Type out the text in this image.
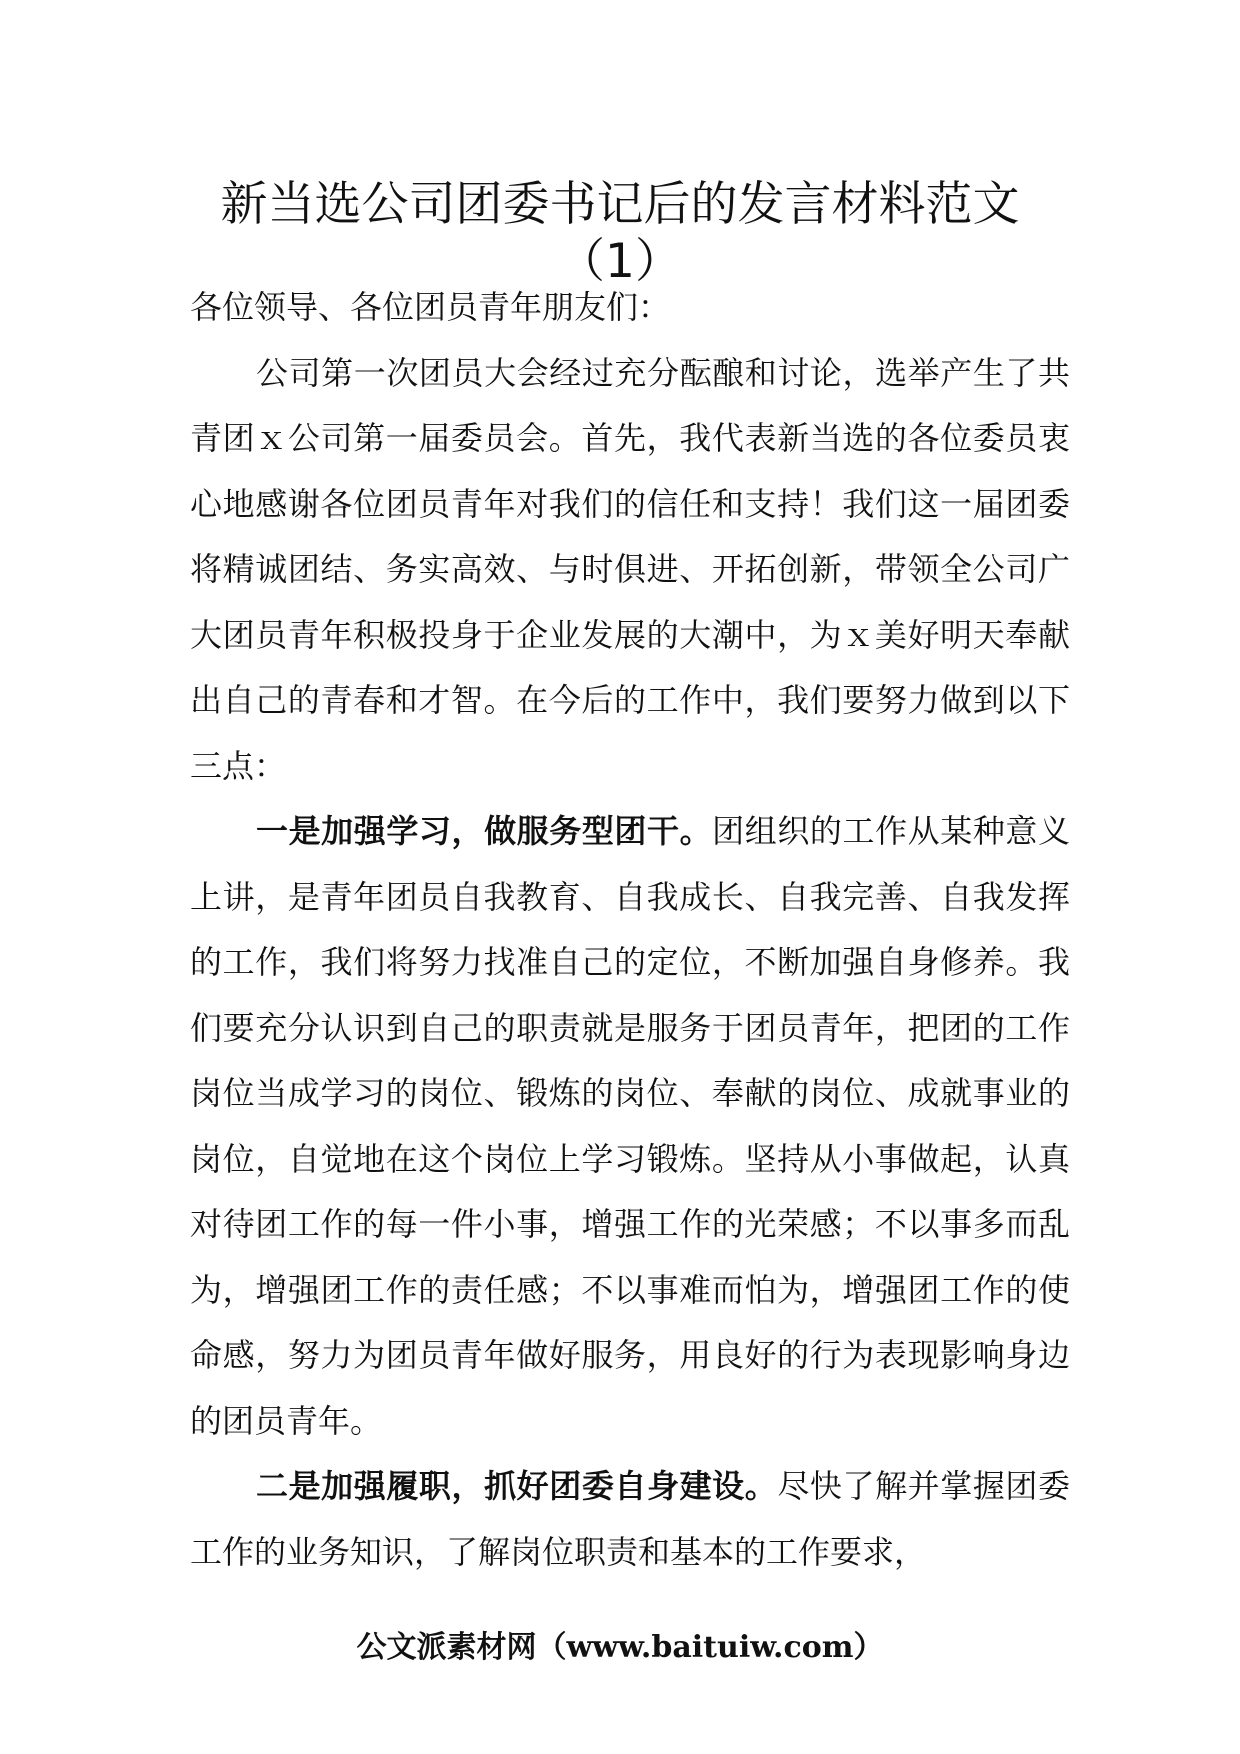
新当选公司团委书记后的发言材料范文
（1）

各位领导、各位团员青年朋友们：

公司第一次团员大会经过充分酝酿和讨论，选举产生了共青团ｘ公司第一届委员会。首先，我代表新当选的各位委员衷心地感谢各位团员青年对我们的信任和支持！我们这一届团委将精诚团结、务实高效、与时俱进、开拓创新，带领全公司广大团员青年积极投身于企业发展的大潮中，为ｘ美好明天奉献出自己的青春和才智。在今后的工作中，我们要努力做到以下三点：

一是加强学习，做服务型团干。团组织的工作从某种意义上讲，是青年团员自我教育、自我成长、自我完善、自我发挥的工作，我们将努力找准自己的定位，不断加强自身修养。我们要充分认识到自己的职责就是服务于团员青年，把团的工作岗位当成学习的岗位、锻炼的岗位、奉献的岗位、成就事业的岗位，自觉地在这个岗位上学习锻炼。坚持从小事做起，认真对待团工作的每一件小事，增强工作的光荣感；不以事多而乱为，增强团工作的责任感；不以事难而怕为，增强团工作的使命感，努力为团员青年做好服务，用良好的行为表现影响身边的团员青年。

二是加强履职，抓好团委自身建设。尽快了解并掌握团委工作的业务知识，了解岗位职责和基本的工作要求，

公文派素材网（www.baituiw.com）
